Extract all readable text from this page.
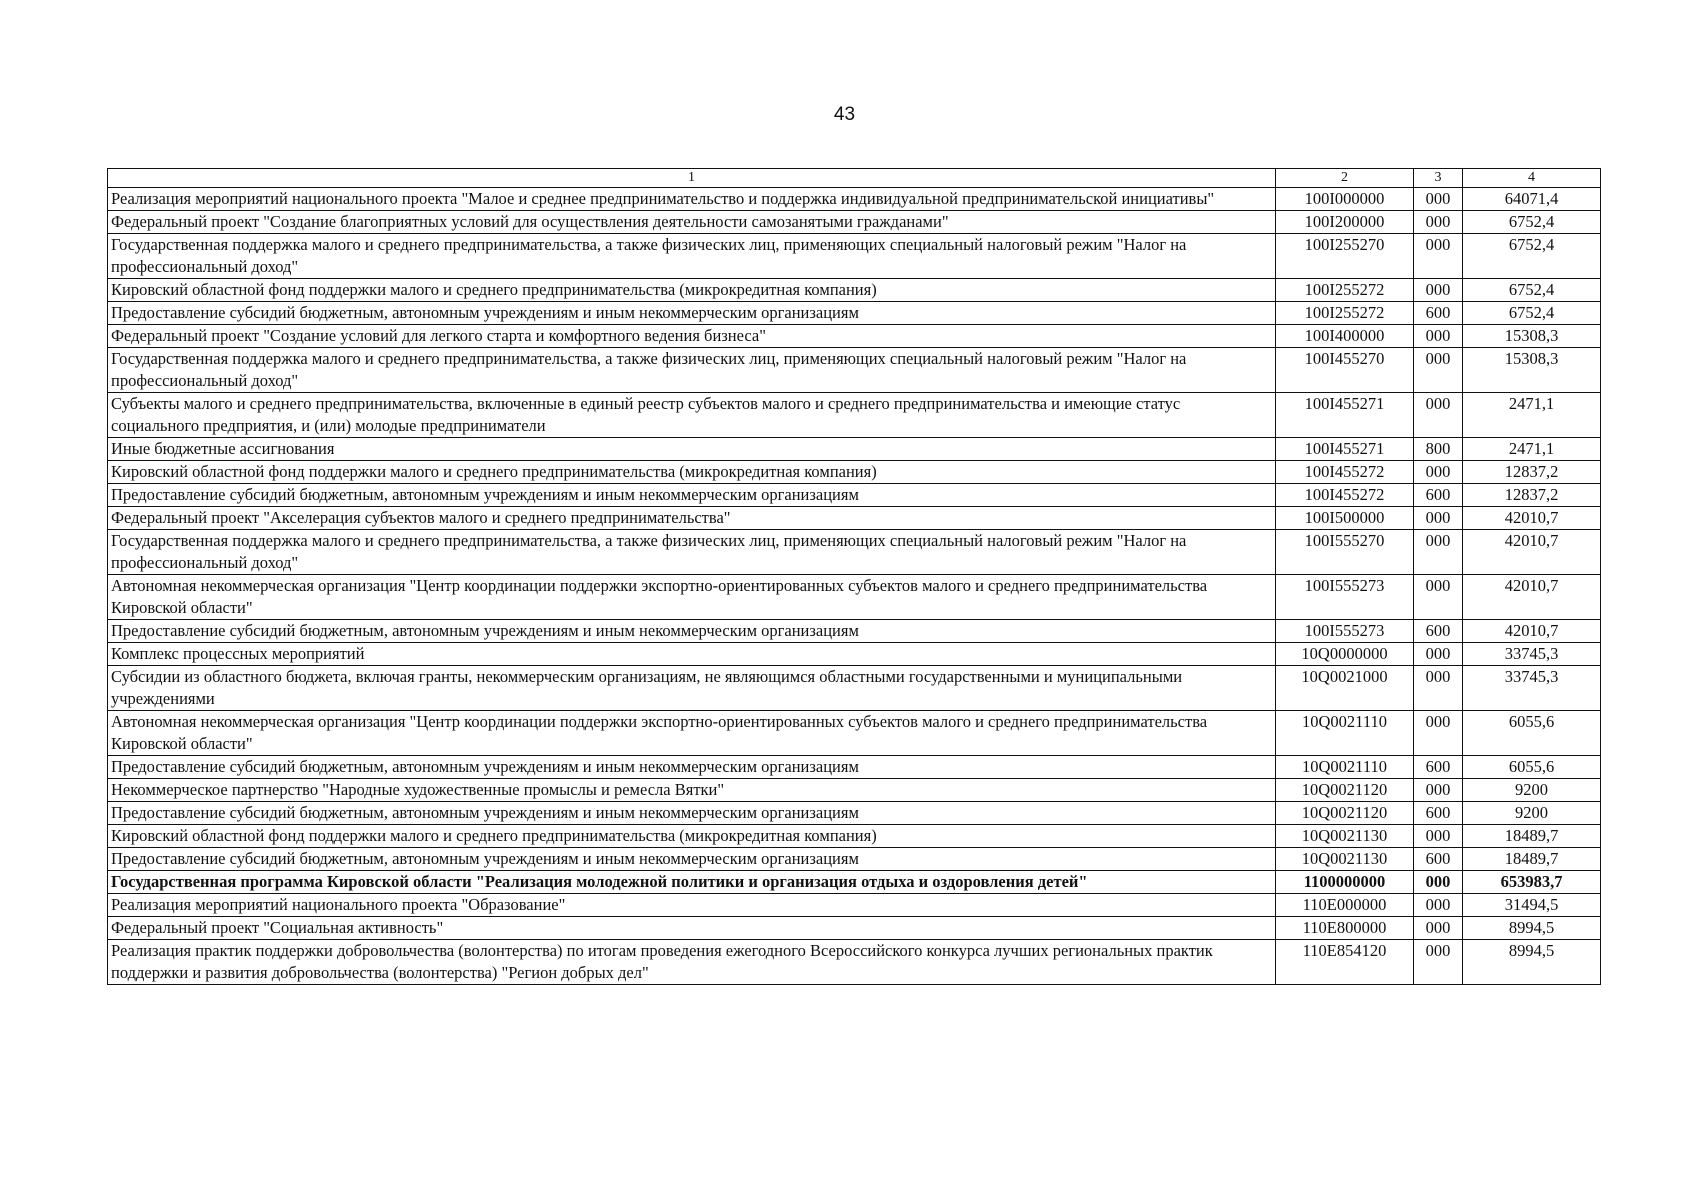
43
1	2	3	4
Реализация мероприятий национального проекта "Малое и среднее предпринимательство и поддержка индивидуальной предпринимательской инициативы"	100I000000	000	64071,4
Федеральный проект "Создание благоприятных условий для осуществления деятельности самозанятыми гражданами"	100I200000	000	6752,4
Государственная поддержка малого и среднего предпринимательства, а также физических лиц, применяющих специальный налоговый режим "Налог на профессиональный доход"	100I255270	000	6752,4
Кировский областной фонд поддержки малого и среднего предпринимательства (микрокредитная компания)	100I255272	000	6752,4
Предоставление субсидий бюджетным, автономным учреждениям и иным некоммерческим организациям	100I255272	600	6752,4
Федеральный проект "Создание условий для легкого старта и комфортного ведения бизнеса"	100I400000	000	15308,3
Государственная поддержка малого и среднего предпринимательства, а также физических лиц, применяющих специальный налоговый режим "Налог на профессиональный доход"	100I455270	000	15308,3
Субъекты малого и среднего предпринимательства, включенные в единый реестр субъектов малого и среднего предпринимательства и имеющие статус социального предприятия, и (или) молодые предприниматели	100I455271	000	2471,1
Иные бюджетные ассигнования	100I455271	800	2471,1
Кировский областной фонд поддержки малого и среднего предпринимательства (микрокредитная компания)	100I455272	000	12837,2
Предоставление субсидий бюджетным, автономным учреждениям и иным некоммерческим организациям	100I455272	600	12837,2
Федеральный проект "Акселерация субъектов малого и среднего предпринимательства"	100I500000	000	42010,7
Государственная поддержка малого и среднего предпринимательства, а также физических лиц, применяющих специальный налоговый режим "Налог на профессиональный доход"	100I555270	000	42010,7
Автономная некоммерческая организация "Центр координации поддержки экспортно-ориентированных субъектов малого и среднего предпринимательства Кировской области"	100I555273	000	42010,7
Предоставление субсидий бюджетным, автономным учреждениям и иным некоммерческим организациям	100I555273	600	42010,7
Комплекс процессных мероприятий	10Q0000000	000	33745,3
Субсидии из областного бюджета, включая гранты, некоммерческим организациям, не являющимся областными государственными и муниципальными учреждениями	10Q0021000	000	33745,3
Автономная некоммерческая организация "Центр координации поддержки экспортно-ориентированных субъектов малого и среднего предпринимательства Кировской области"	10Q0021110	000	6055,6
Предоставление субсидий бюджетным, автономным учреждениям и иным некоммерческим организациям	10Q0021110	600	6055,6
Некоммерческое партнерство "Народные художественные промыслы и ремесла Вятки"	10Q0021120	000	9200
Предоставление субсидий бюджетным, автономным учреждениям и иным некоммерческим организациям	10Q0021120	600	9200
Кировский областной фонд поддержки малого и среднего предпринимательства (микрокредитная компания)	10Q0021130	000	18489,7
Предоставление субсидий бюджетным, автономным учреждениям и иным некоммерческим организациям	10Q0021130	600	18489,7
Государственная программа Кировской области "Реализация молодежной политики и организация отдыха и оздоровления детей"	1100000000	000	653983,7
Реализация мероприятий национального проекта "Образование"	110E000000	000	31494,5
Федеральный проект "Социальная активность"	110E800000	000	8994,5
Реализация практик поддержки добровольчества (волонтерства) по итогам проведения ежегодного Всероссийского конкурса лучших региональных практик поддержки и развития добровольчества (волонтерства) "Регион добрых дел"	110E854120	000	8994,5
